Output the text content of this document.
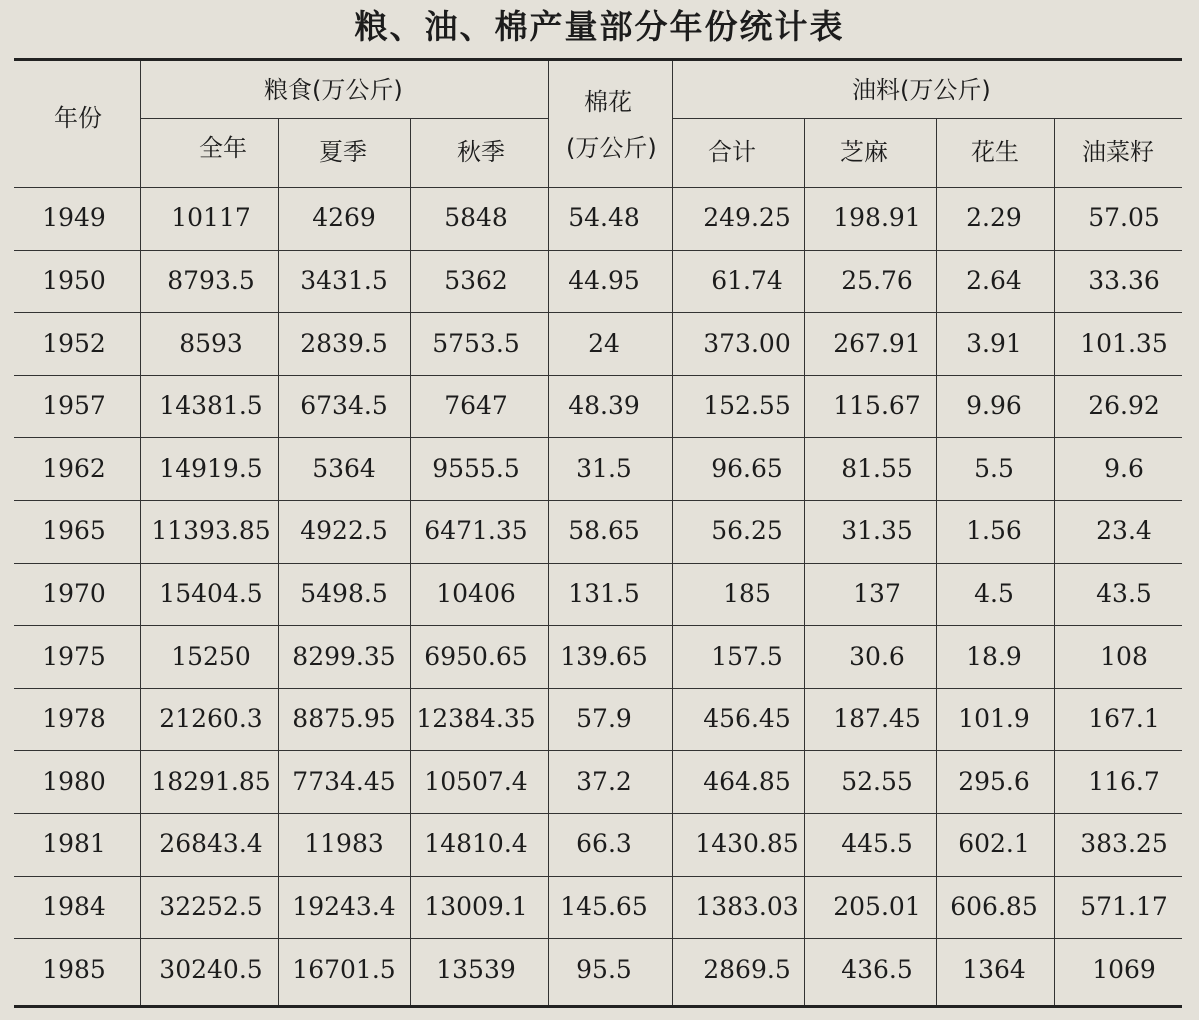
粮、油、棉产量部分年份统计表
年份
粮食(万公斤)
全年	夏季	秋季
棉花
(万公斤)
油料(万公斤)
合计	芝麻	花生	油菜籽
1949	10117 4269	5848 54.48	249.25 198.91 2.29	57.05
1950 8793.5 3431.5 5362 44.95	61.74 25.76 2.64	33.36
1952	8593 2839.5 5753.5	24	373.00 267.91 3.91 101.35
1957 14381.5 6734.5 7647 48.39	152.55 115.67 9.96	26.92
1962 14919.5 5364 9555.5 31.5	96.65 81.55 5.5	9.6
1965 11393.85 4922.5 6471.35 58.65	56.25 31.35 1.56	23.4
1970 15404.5 5498.5 10406 131.5	185	137	4.5	43.5
1975	15250 8299.35 6950.65 139.65	157.5	30.6 18.9	108
1978 21260.3 8875.95 12384.35 57.9	456.45 187.45 101.9 167.1
1980 18291.85 7734.45 10507.4 37.2	464.85 52.55 295.6 116.7
1981 26843.4 11983 14810.4 66.3	1430.85 445.5 602.1 383.25
1984 32252.5 19243.4 13009.1 145.65 1383.03 205.01 606.85 571.17
1985 30240.5 16701.5 13539 95.5	2869.5 436.5 1364	1069
